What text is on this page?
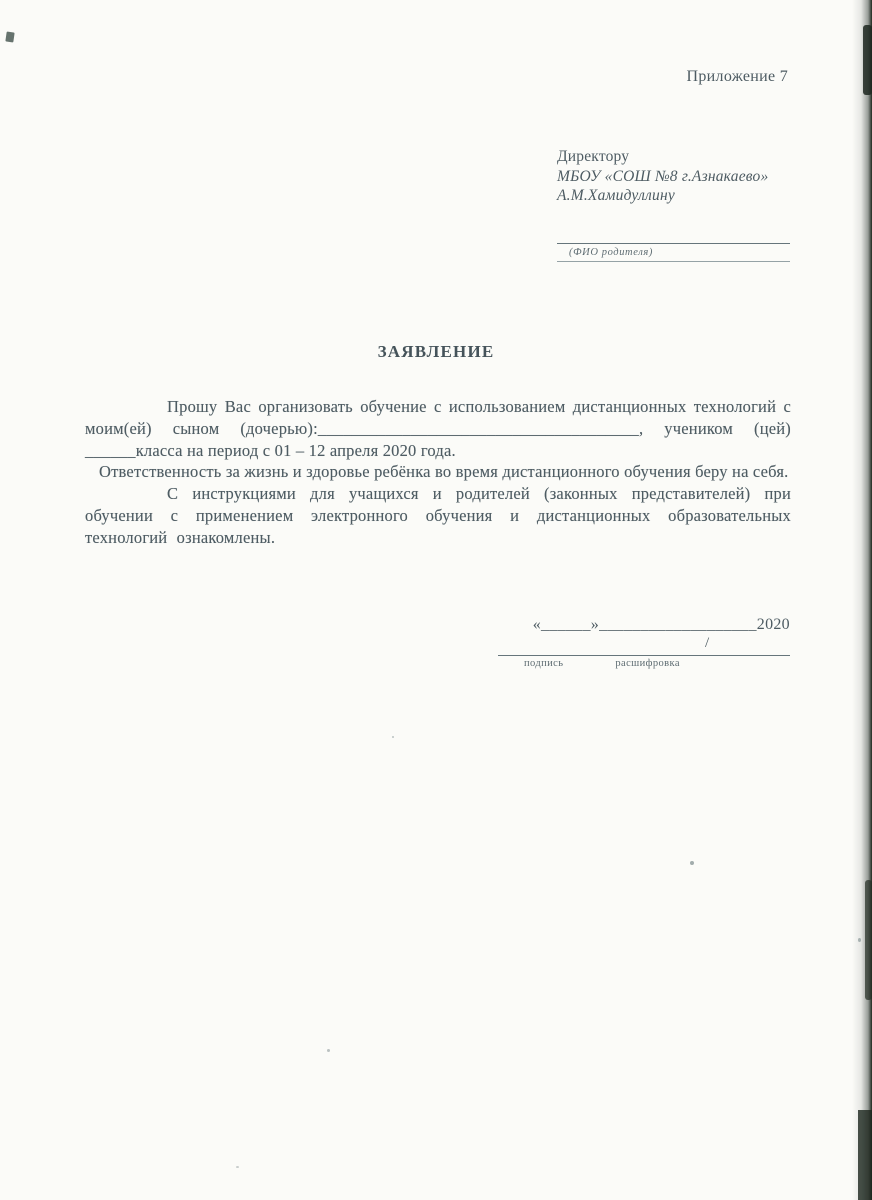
Приложение 7
Директору
МБОУ «СОШ №8 г.Азнакаево»
А.М.Хамидуллину
(ФИО родителя)
ЗАЯВЛЕНИЕ

Прошу Вас организовать обучение с использованием дистанционных технологий с моим(ей) сыном (дочерью):______________________________________, учеником (цей) ______класса на период с 01 – 12 апреля 2020 года.

Ответственность за жизнь и здоровье ребёнка во время дистанционного обучения беру на себя.

С инструкциями для учащихся и родителей (законных представителей) при обучении с применением электронного обучения и дистанционных образовательных технологий ознакомлены.

«______»___________________2020
/
подпись	расшифровка
